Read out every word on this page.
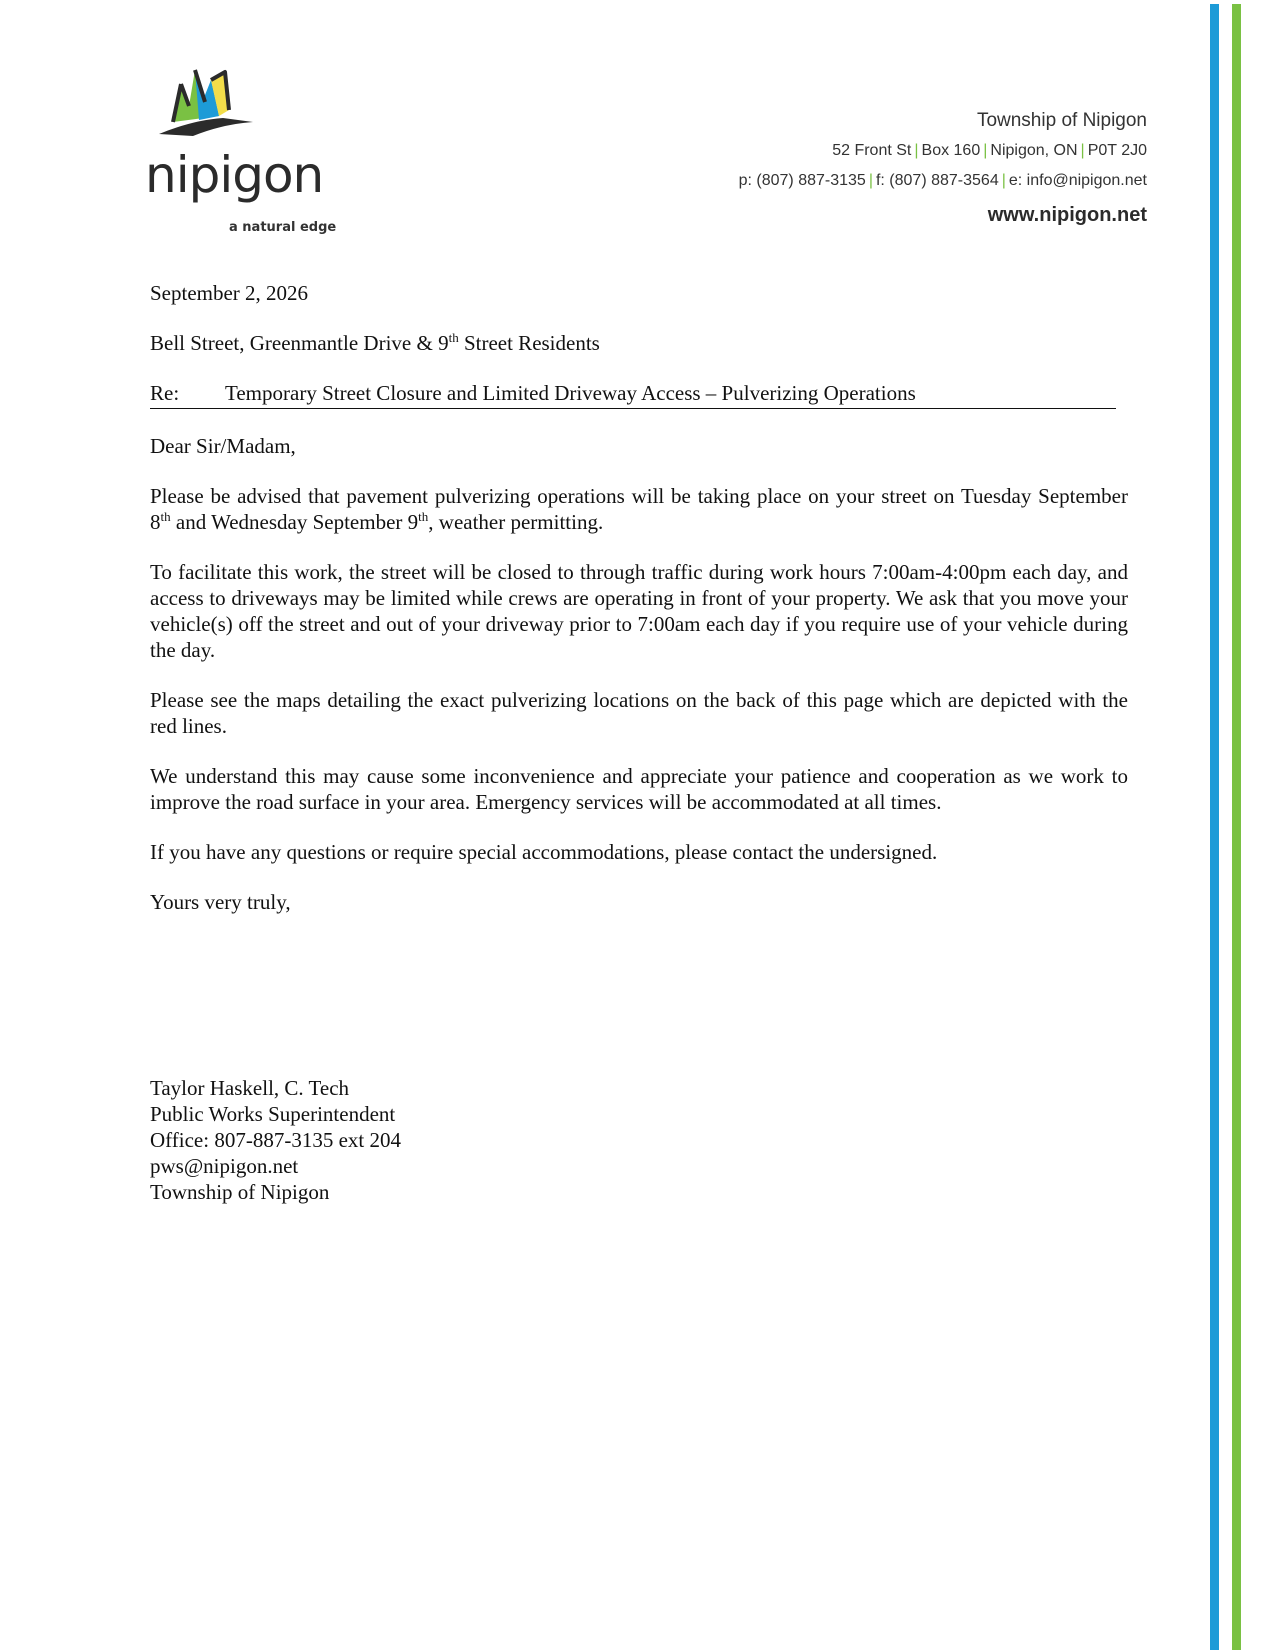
nipigon
a natural edge
Township of Nipigon
52 Front St | Box 160 | Nipigon, ON | P0T 2J0
p: (807) 887-3135 | f: (807) 887-3564 | e: info@nipigon.net
www.nipigon.net

September 2, 2026

Bell Street, Greenmantle Drive & 9th Street Residents

Re: Temporary Street Closure and Limited Driveway Access – Pulverizing Operations

Dear Sir/Madam,

Please be advised that pavement pulverizing operations will be taking place on your street on Tuesday September 8th and Wednesday September 9th, weather permitting.

To facilitate this work, the street will be closed to through traffic during work hours 7:00am-4:00pm each day, and access to driveways may be limited while crews are operating in front of your property. We ask that you move your vehicle(s) off the street and out of your driveway prior to 7:00am each day if you require use of your vehicle during the day.

Please see the maps detailing the exact pulverizing locations on the back of this page which are depicted with the red lines.

We understand this may cause some inconvenience and appreciate your patience and cooperation as we work to improve the road surface in your area. Emergency services will be accommodated at all times.

If you have any questions or require special accommodations, please contact the undersigned.

Yours very truly,

Taylor Haskell, C. Tech
Public Works Superintendent
Office: 807-887-3135 ext 204
pws@nipigon.net
Township of Nipigon
